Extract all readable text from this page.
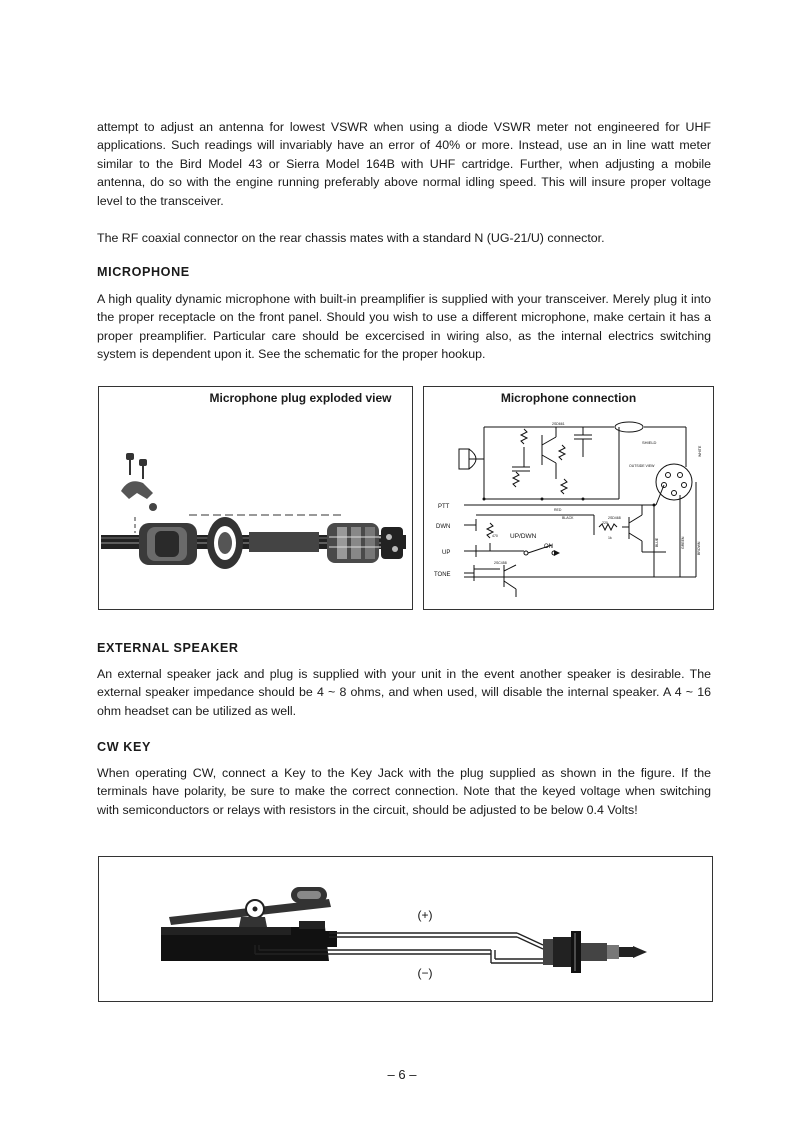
attempt to adjust an antenna for lowest VSWR when using a diode VSWR meter not engineered for UHF applications. Such readings will invariably have an error of 40% or more. Instead, use an in line watt meter similar to the Bird Model 43 or Sierra Model 164B with UHF cartridge. Further, when adjusting a mobile antenna, do so with the engine running preferably above normal idling speed. This will insure proper voltage level to the transceiver.

The RF coaxial connector on the rear chassis mates with a standard N (UG-21/U) connector.

MICROPHONE

A high quality dynamic microphone with built-in preamplifier is supplied with your transceiver. Merely plug it into the proper receptacle on the front panel. Should you wish to use a different microphone, make certain it has a proper preamplifier. Particular care should be excercised in wiring also, as the internal electrics switching system is dependent upon it. See the schematic for the proper hookup.

Microphone plug exploded view	Microphone connection
PTT
DWN
UP
TONE
UP/DWN
ON
SHIELD
OUTSIDE VIEW
2SD661
2SD468
2SC458
RED
BLACK
220
1k
470
WHITE
BLUE	GREEN	BROWN
EXTERNAL SPEAKER

An external speaker jack and plug is supplied with your unit in the event another speaker is desirable. The external speaker impedance should be 4 ~ 8 ohms, and when used, will disable the internal speaker. A 4 ~ 16 ohm headset can be utilized as well.

CW KEY

When operating CW, connect a Key to the Key Jack with the plug supplied as shown in the figure. If the terminals have polarity, be sure to make the correct connection. Note that the keyed voltage when switching with semiconductors or relays with resistors in the circuit, should be adjusted to be below 0.4 Volts!

(+)
(−)
– 6 –
